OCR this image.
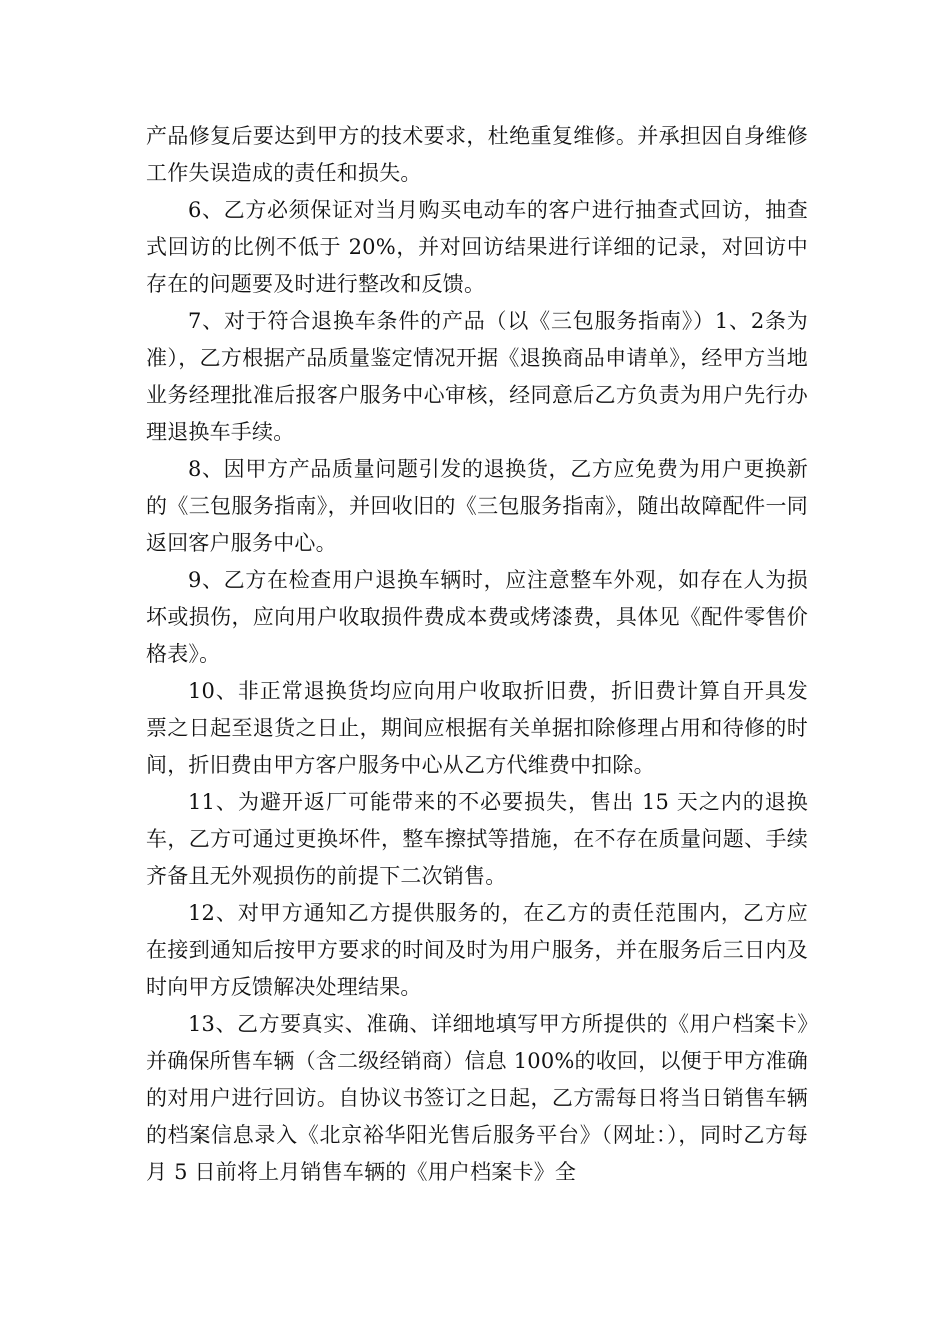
产品修复后要达到甲方的技术要求，杜绝重复维修。并承担因自身维修工作失误造成的责任和损失。

6、乙方必须保证对当月购买电动车的客户进行抽查式回访，抽查式回访的比例不低于 20%，并对回访结果进行详细的记录，对回访中存在的问题要及时进行整改和反馈。

7、对于符合退换车条件的产品（以《三包服务指南》）1、2条为准），乙方根据产品质量鉴定情况开据《退换商品申请单》，经甲方当地业务经理批准后报客户服务中心审核，经同意后乙方负责为用户先行办理退换车手续。

8、因甲方产品质量问题引发的退换货，乙方应免费为用户更换新的《三包服务指南》，并回收旧的《三包服务指南》，随出故障配件一同返回客户服务中心。

9、乙方在检查用户退换车辆时，应注意整车外观，如存在人为损坏或损伤，应向用户收取损件费成本费或烤漆费，具体见《配件零售价格表》。

10、非正常退换货均应向用户收取折旧费，折旧费计算自开具发票之日起至退货之日止，期间应根据有关单据扣除修理占用和待修的时间，折旧费由甲方客户服务中心从乙方代维费中扣除。

11、为避开返厂可能带来的不必要损失，售出 15 天之内的退换车，乙方可通过更换坏件，整车擦拭等措施，在不存在质量问题、手续齐备且无外观损伤的前提下二次销售。

12、对甲方通知乙方提供服务的，在乙方的责任范围内，乙方应在接到通知后按甲方要求的时间及时为用户服务，并在服务后三日内及时向甲方反馈解决处理结果。

13、乙方要真实、准确、详细地填写甲方所提供的《用户档案卡》并确保所售车辆（含二级经销商）信息 100%的收回，以便于甲方准确的对用户进行回访。自协议书签订之日起，乙方需每日将当日销售车辆的档案信息录入《北京裕华阳光售后服务平台》（网址：），同时乙方每月 5 日前将上月销售车辆的《用户档案卡》全
